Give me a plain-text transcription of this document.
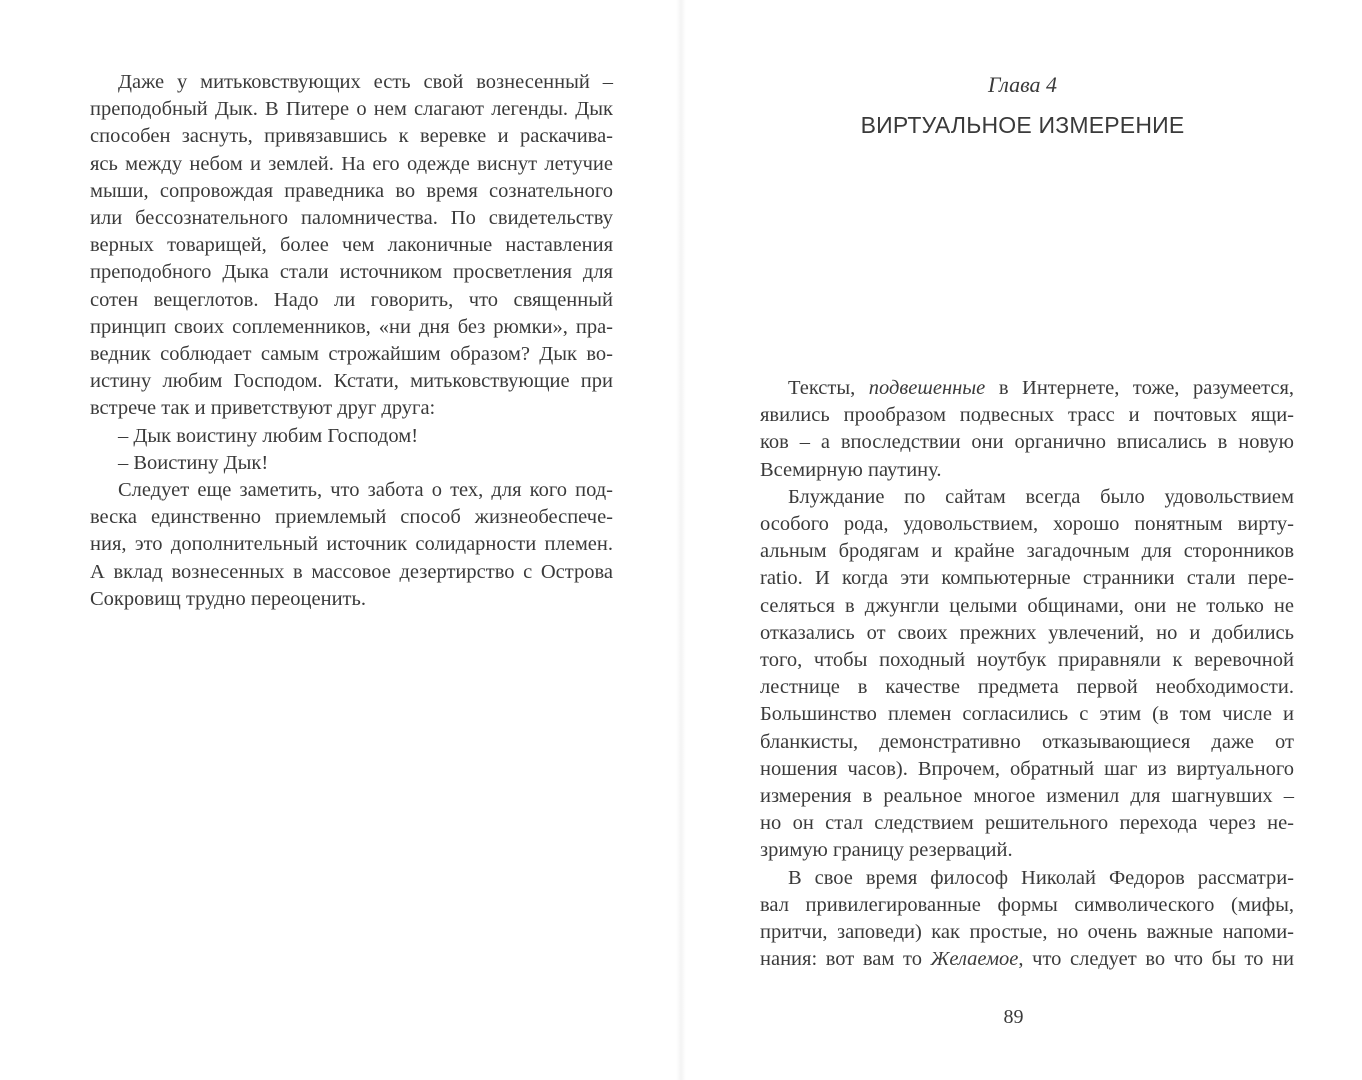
Даже у митьковствующих есть свой вознесенный –
преподобный Дык. В Питере о нем слагают легенды. Дык
способен заснуть, привязавшись к веревке и раскачива-
ясь между небом и землей. На его одежде виснут летучие
мыши, сопровождая праведника во время сознательного
или бессознательного паломничества. По свидетельству
верных товарищей, более чем лаконичные наставления
преподобного Дыка стали источником просветления для
сотен вещеглотов. Надо ли говорить, что священный
принцип своих соплеменников, «ни дня без рюмки», пра-
ведник соблюдает самым строжайшим образом? Дык во-
истину любим Господом. Кстати, митьковствующие при
встрече так и приветствуют друг друга:
– Дык воистину любим Господом!
– Воистину Дык!
Следует еще заметить, что забота о тех, для кого под-
веска единственно приемлемый способ жизнеобеспече-
ния, это дополнительный источник солидарности племен.
А вклад вознесенных в массовое дезертирство с Острова
Сокровищ трудно переоценить.
Глава 4
ВИРТУАЛЬНОЕ ИЗМЕРЕНИЕ
Тексты, подвешенные в Интернете, тоже, разумеется,
явились прообразом подвесных трасс и почтовых ящи-
ков – а впоследствии они органично вписались в новую
Всемирную паутину.
Блуждание по сайтам всегда было удовольствием
особого рода, удовольствием, хорошо понятным вирту-
альным бродягам и крайне загадочным для сторонников
ratio. И когда эти компьютерные странники стали пере-
селяться в джунгли целыми общинами, они не только не
отказались от своих прежних увлечений, но и добились
того, чтобы походный ноутбук приравняли к веревочной
лестнице в качестве предмета первой необходимости.
Большинство племен согласились с этим (в том числе и
бланкисты, демонстративно отказывающиеся даже от
ношения часов). Впрочем, обратный шаг из виртуального
измерения в реальное многое изменил для шагнувших –
но он стал следствием решительного перехода через не-
зримую границу резерваций.
В свое время философ Николай Федоров рассматри-
вал привилегированные формы символического (мифы,
притчи, заповеди) как простые, но очень важные напоми-
нания: вот вам то Желаемое, что следует во что бы то ни
89
